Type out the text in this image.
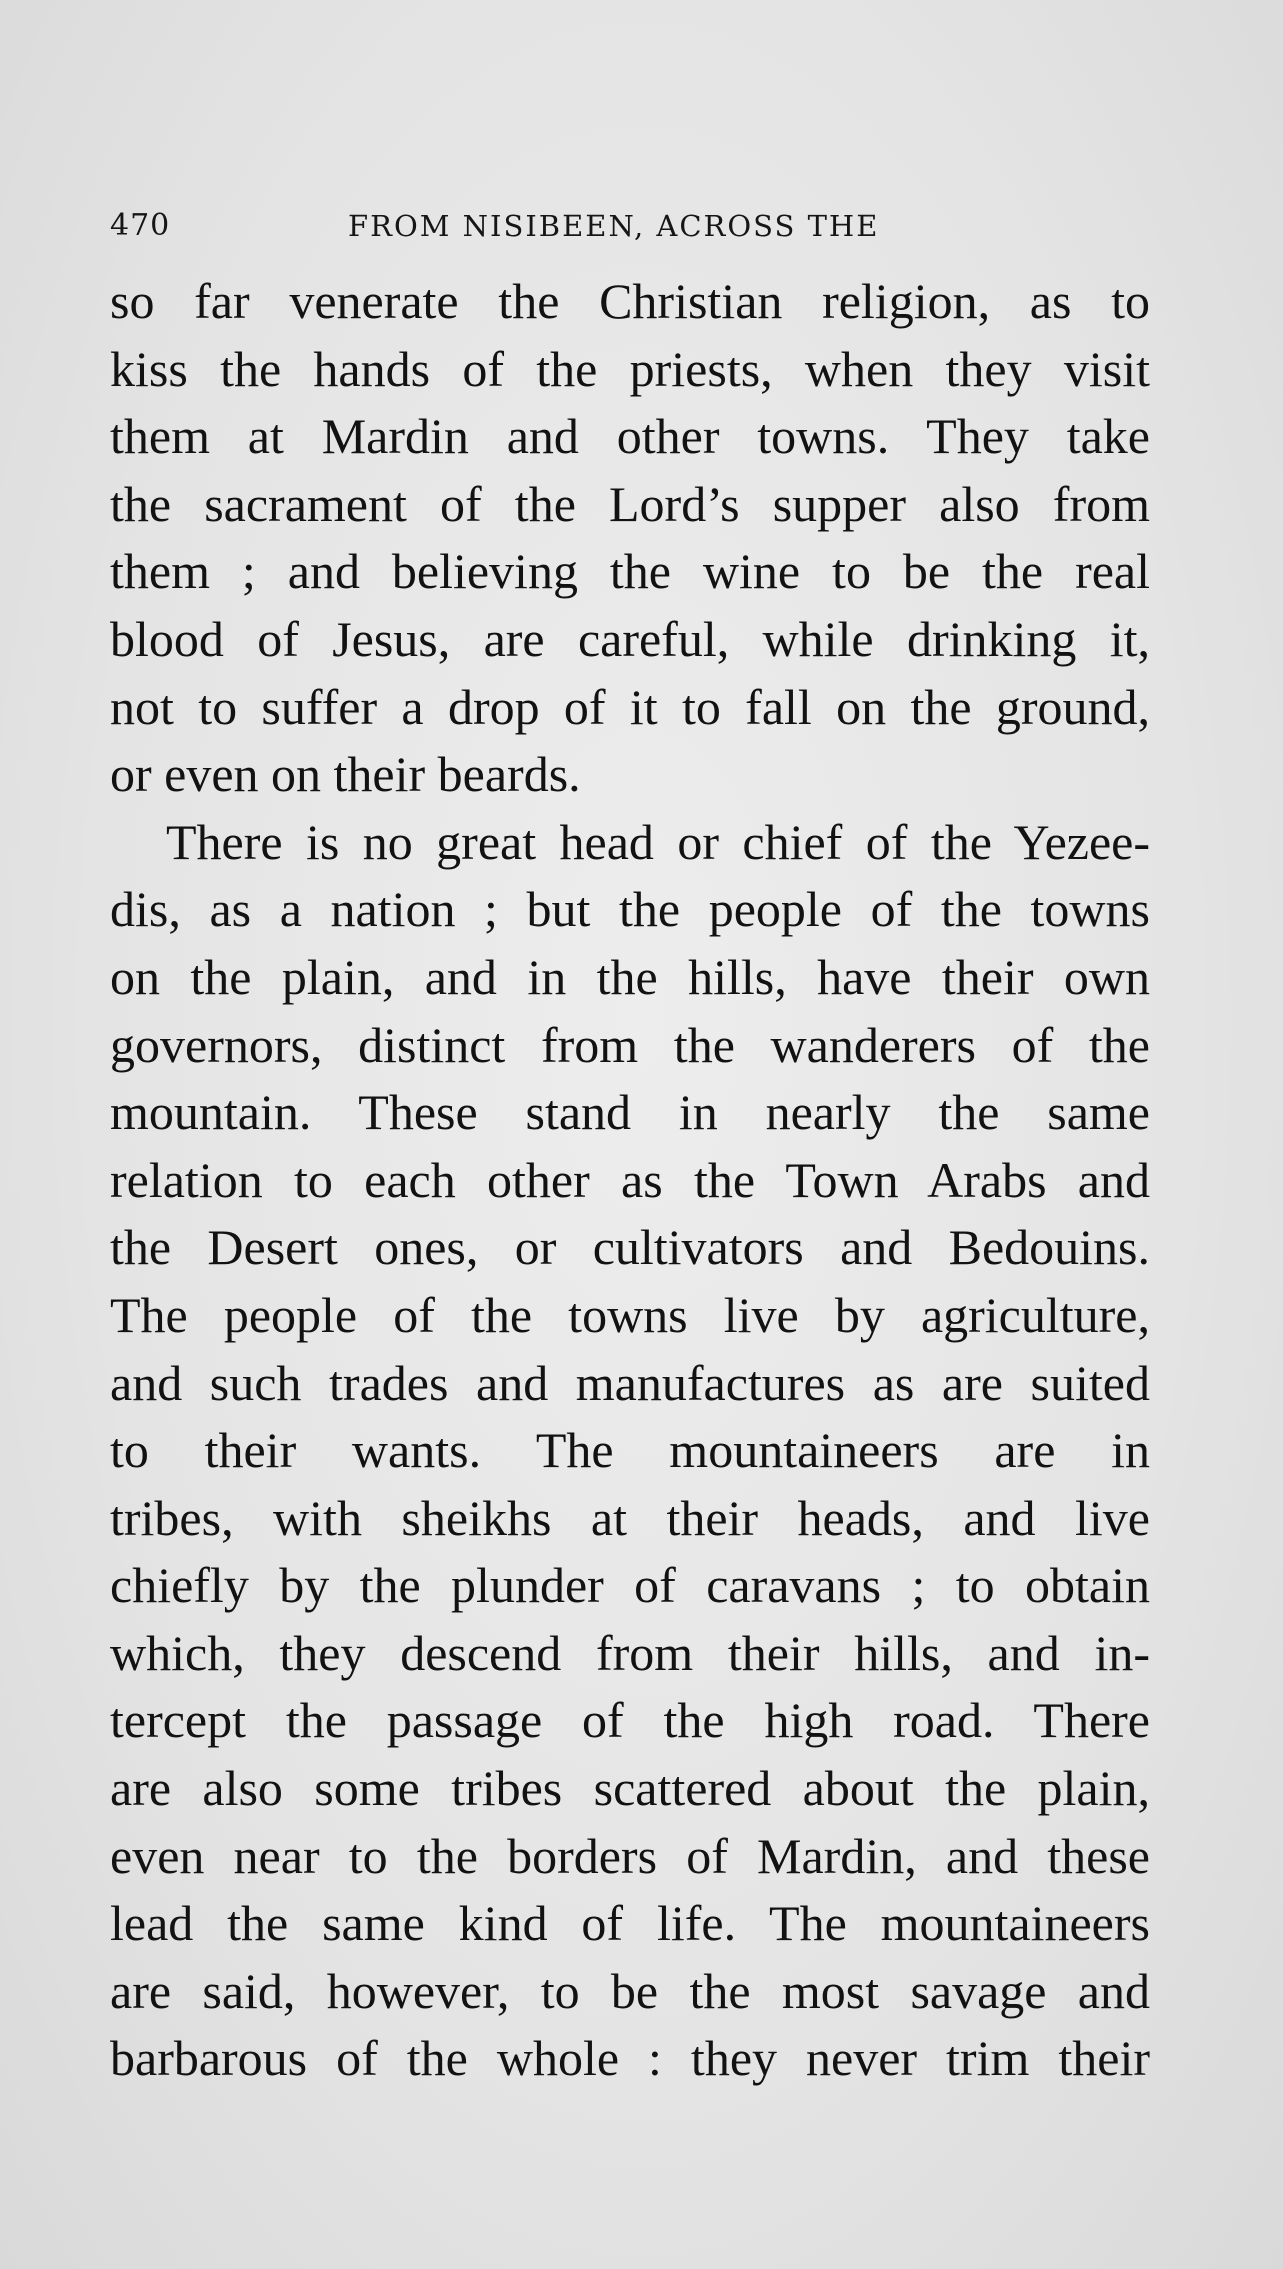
470	FROM NISIBEEN, ACROSS THE
so far venerate the Christian religion, as to
kiss the hands of the priests, when they visit
them at Mardin and other towns. They take
the sacrament of the Lord’s supper also from
them ; and believing the wine to be the real
blood of Jesus, are careful, while drinking it,
not to suffer a drop of it to fall on the ground,
or even on their beards.
There is no great head or chief of the Yezee-
dis, as a nation ; but the people of the towns
on the plain, and in the hills, have their own
governors, distinct from the wanderers of the
mountain. These stand in nearly the same
relation to each other as the Town Arabs and
the Desert ones, or cultivators and Bedouins.
The people of the towns live by agriculture,
and such trades and manufactures as are suited
to their wants. The mountaineers are in
tribes, with sheikhs at their heads, and live
chiefly by the plunder of caravans ; to obtain
which, they descend from their hills, and in-
tercept the passage of the high road. There
are also some tribes scattered about the plain,
even near to the borders of Mardin, and these
lead the same kind of life. The mountaineers
are said, however, to be the most savage and
barbarous of the whole : they never trim their
